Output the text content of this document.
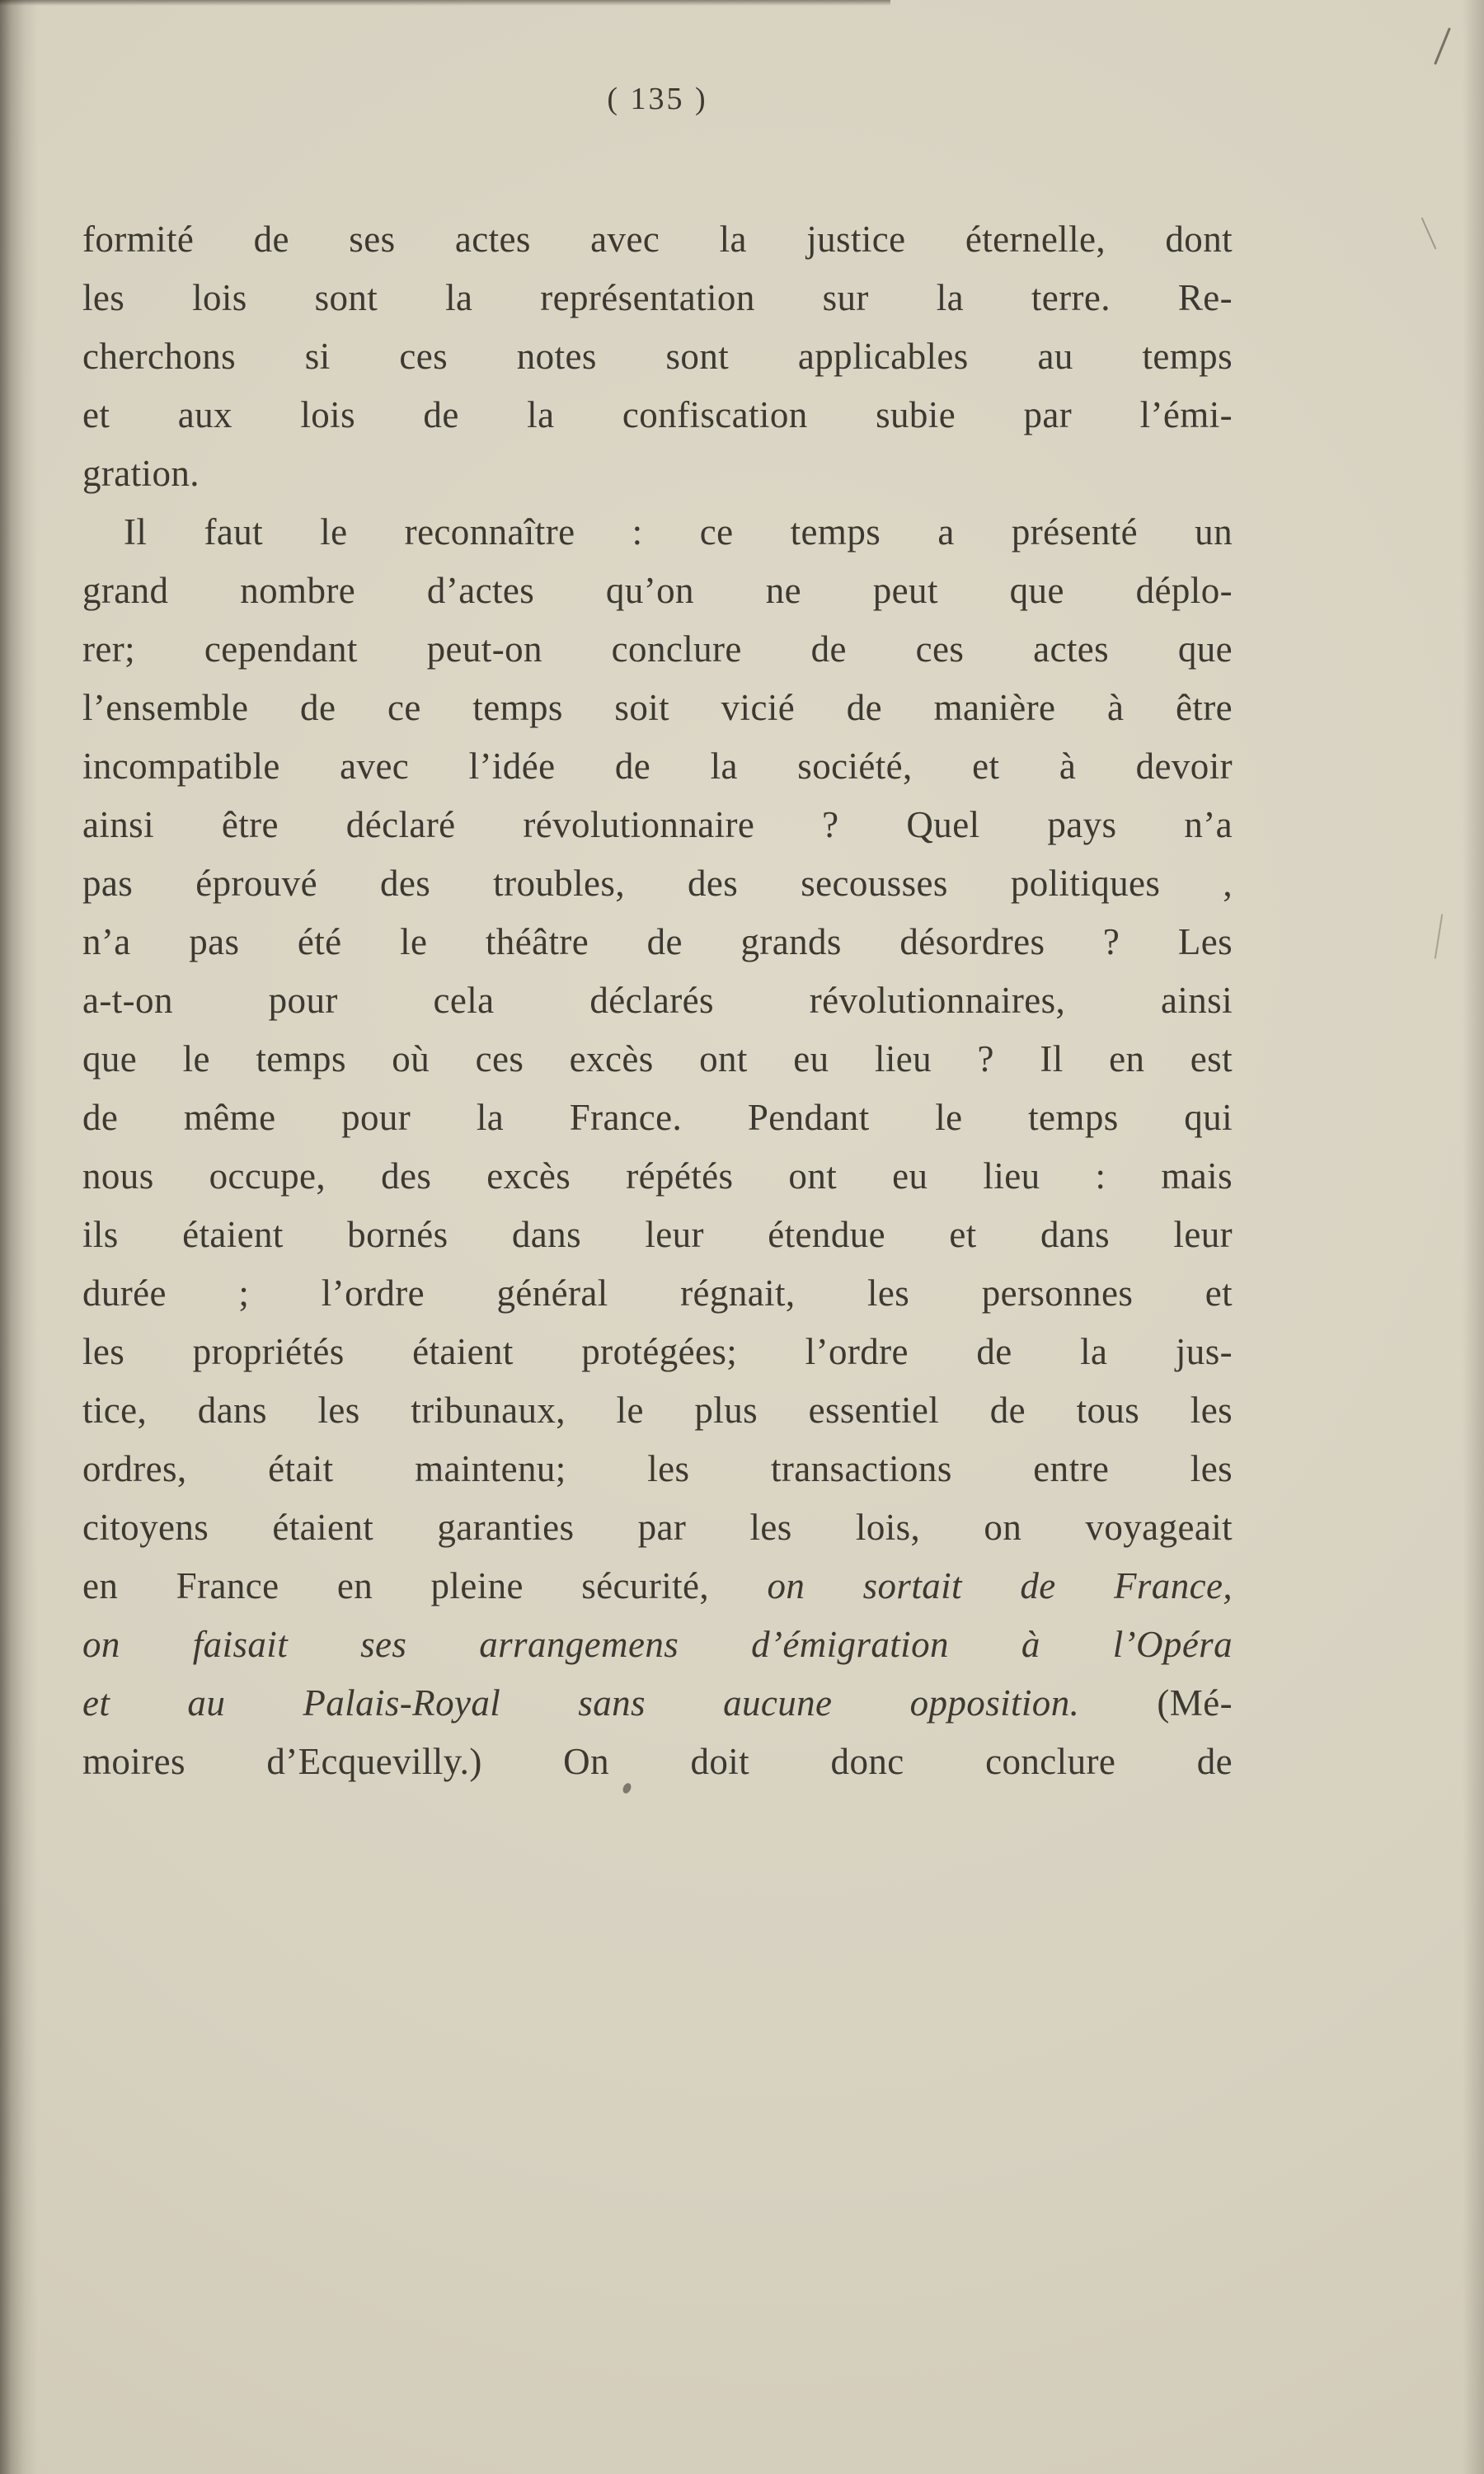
( 135 )
formité de ses actes avec la justice éternelle, dont
les lois sont la représentation sur la terre. Re-
cherchons si ces notes sont applicables au temps
et aux lois de la confiscation subie par l’émi-
gration.
Il faut le reconnaître : ce temps a présenté un
grand nombre d’actes qu’on ne peut que déplo-
rer; cependant peut-on conclure de ces actes que
l’ensemble de ce temps soit vicié de manière à être
incompatible avec l’idée de la société, et à devoir
ainsi être déclaré révolutionnaire ? Quel pays n’a
pas éprouvé des troubles, des secousses politiques ,
n’a pas été le théâtre de grands désordres ? Les
a-t-on pour cela déclarés révolutionnaires, ainsi
que le temps où ces excès ont eu lieu ? Il en est
de même pour la France. Pendant le temps qui
nous occupe, des excès répétés ont eu lieu : mais
ils étaient bornés dans leur étendue et dans leur
durée ; l’ordre général régnait, les personnes et
les propriétés étaient protégées; l’ordre de la jus-
tice, dans les tribunaux, le plus essentiel de tous les
ordres, était maintenu; les transactions entre les
citoyens étaient garanties par les lois, on voyageait
en France en pleine sécurité, on sortait de France,
on faisait ses arrangemens d’émigration à l’Opéra
et au Palais-Royal sans aucune opposition. (Mé-
moires d’Ecquevilly.) On doit donc conclure de
